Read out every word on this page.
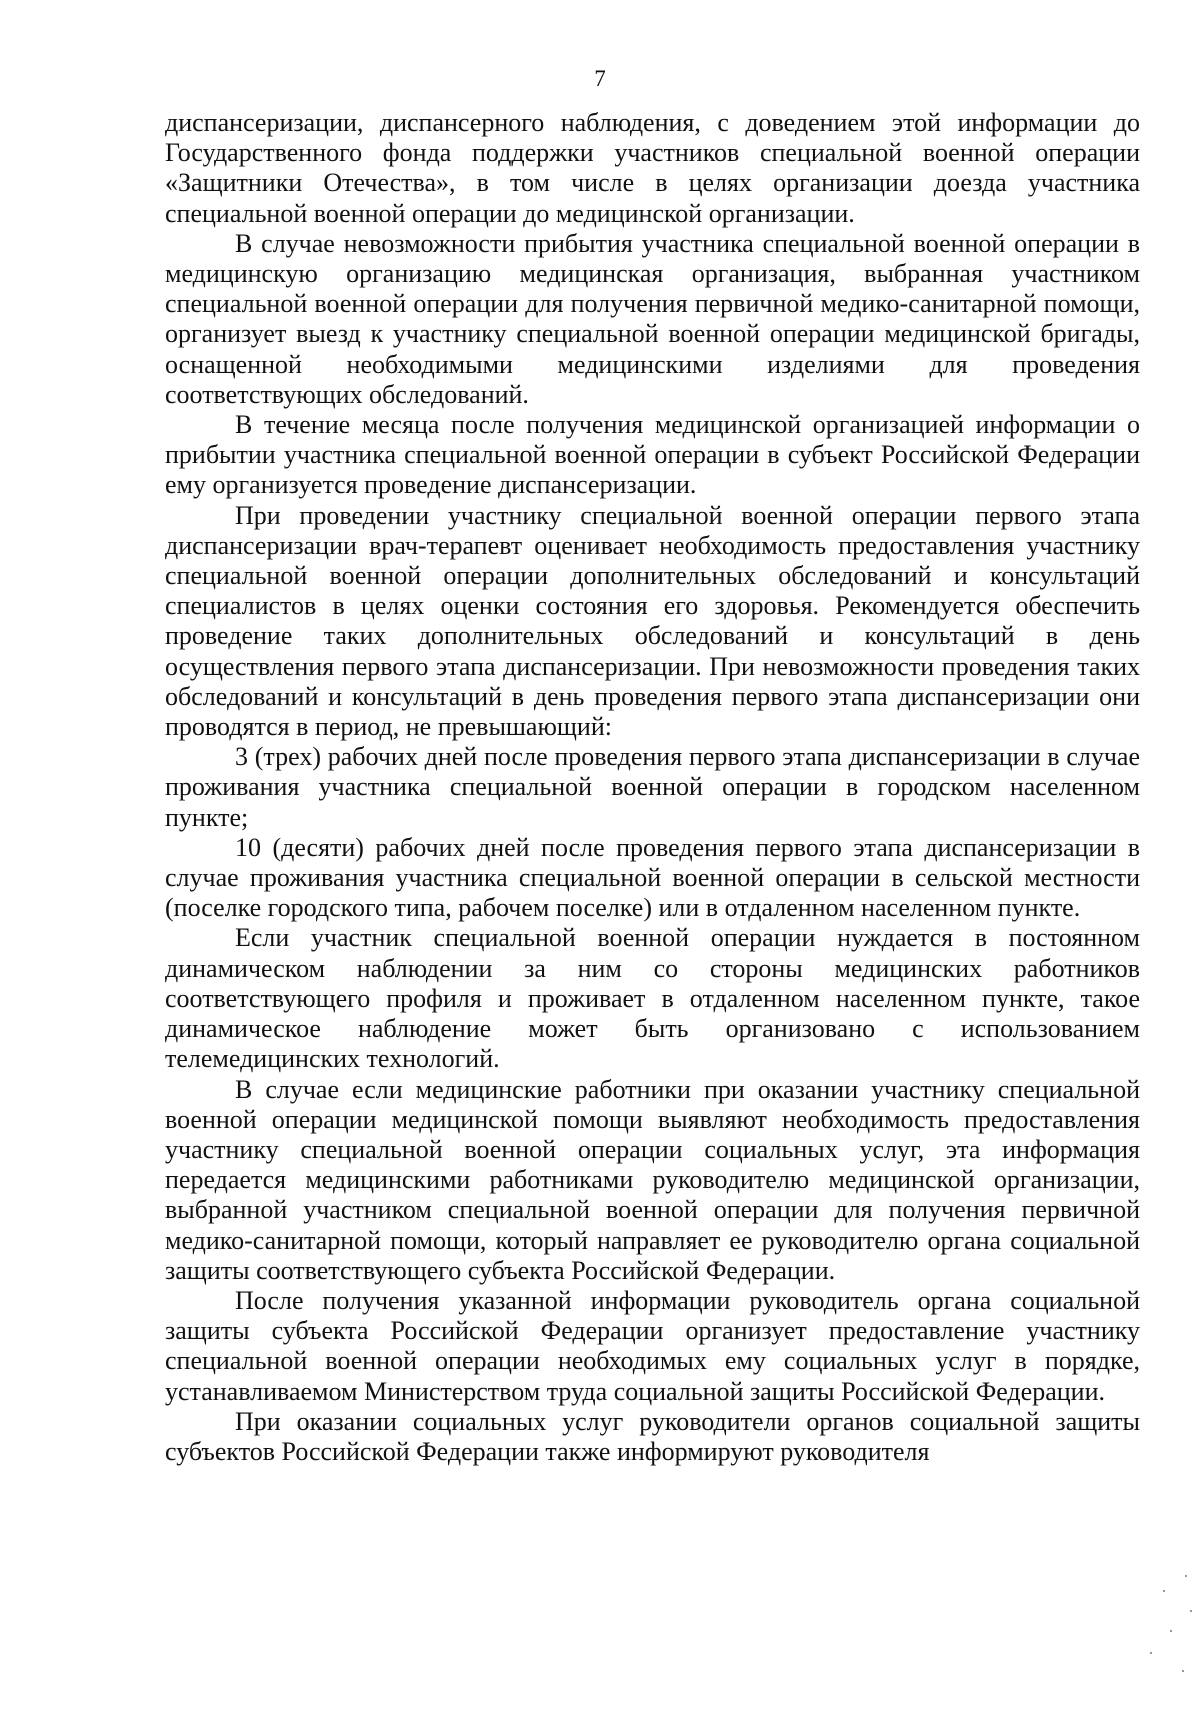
7

диспансеризации, диспансерного наблюдения, с доведением этой информации до Государственного фонда поддержки участников специальной военной операции «Защитники Отечества», в том числе в целях организации доезда участника специальной военной операции до медицинской организации.

В случае невозможности прибытия участника специальной военной операции в медицинскую организацию медицинская организация, выбранная участником специальной военной операции для получения первичной медико-санитарной помощи, организует выезд к участнику специальной военной операции медицинской бригады, оснащенной необходимыми медицинскими изделиями для проведения соответствующих обследований.

В течение месяца после получения медицинской организацией информации о прибытии участника специальной военной операции в субъект Российской Федерации ему организуется проведение диспансеризации.

При проведении участнику специальной военной операции первого этапа диспансеризации врач-терапевт оценивает необходимость предоставления участнику специальной военной операции дополнительных обследований и консультаций специалистов в целях оценки состояния его здоровья. Рекомендуется обеспечить проведение таких дополнительных обследований и консультаций в день осуществления первого этапа диспансеризации. При невозможности проведения таких обследований и консультаций в день проведения первого этапа диспансеризации они проводятся в период, не превышающий:

3 (трех) рабочих дней после проведения первого этапа диспансеризации в случае проживания участника специальной военной операции в городском населенном пункте;

10 (десяти) рабочих дней после проведения первого этапа диспансеризации в случае проживания участника специальной военной операции в сельской местности (поселке городского типа, рабочем поселке) или в отдаленном населенном пункте.

Если участник специальной военной операции нуждается в постоянном динамическом наблюдении за ним со стороны медицинских работников соответствующего профиля и проживает в отдаленном населенном пункте, такое динамическое наблюдение может быть организовано с использованием телемедицинских технологий.

В случае если медицинские работники при оказании участнику специальной военной операции медицинской помощи выявляют необходимость предоставления участнику специальной военной операции социальных услуг, эта информация передается медицинскими работниками руководителю медицинской организации, выбранной участником специальной военной операции для получения первичной медико-санитарной помощи, который направляет ее руководителю органа социальной защиты соответствующего субъекта Российской Федерации.

После получения указанной информации руководитель органа социальной защиты субъекта Российской Федерации организует предоставление участнику специальной военной операции необходимых ему социальных услуг в порядке, устанавливаемом Министерством труда социальной защиты Российской Федерации.

При оказании социальных услуг руководители органов социальной защиты субъектов Российской Федерации также информируют руководителя
